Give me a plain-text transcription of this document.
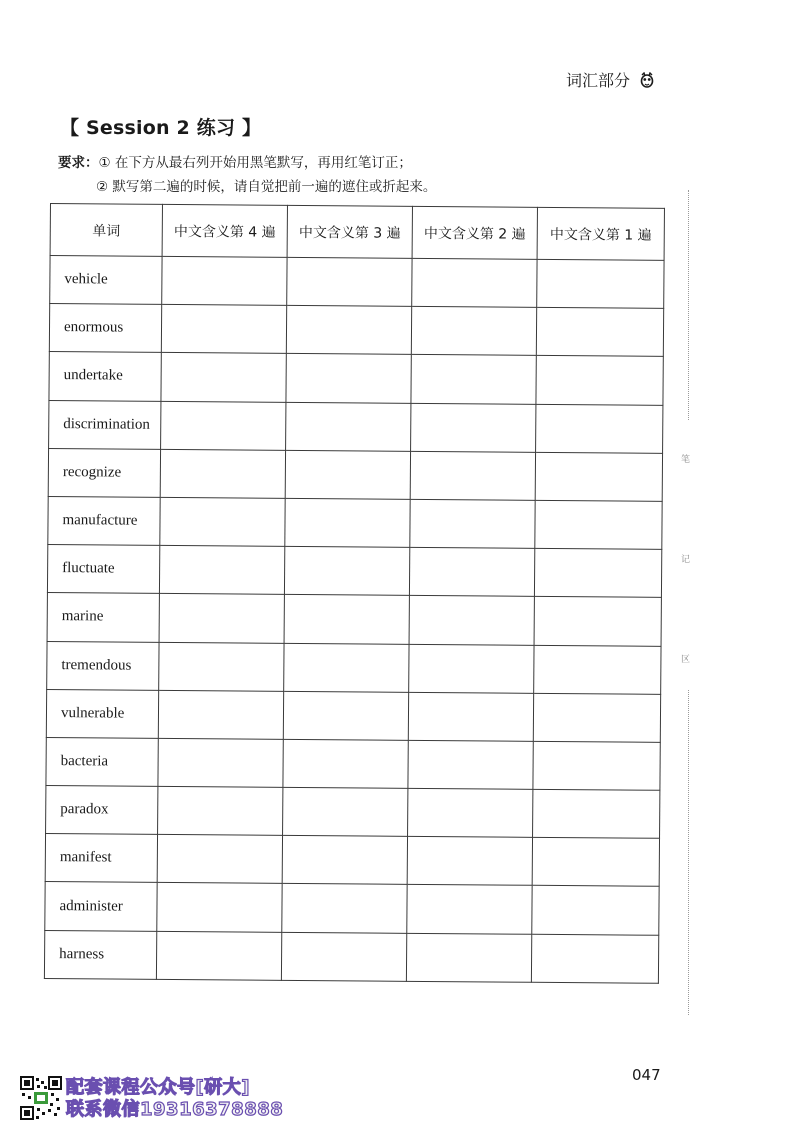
词汇部分
【 Session 2 练习 】
要求：① 在下方从最右列开始用黑笔默写，再用红笔订正；
② 默写第二遍的时候，请自觉把前一遍的遮住或折起来。
单词	中文含义第 4 遍	中文含义第 3 遍	中文含义第 2 遍	中文含义第 1 遍
vehicle				
enormous				
undertake				
discrimination				
recognize				
manufacture				
fluctuate				
marine				
tremendous				
vulnerable				
bacteria				
paradox				
manifest				
administer				
harness				
笔
记
区
047
配套课程公众号[研大]
联系微信19316378888
